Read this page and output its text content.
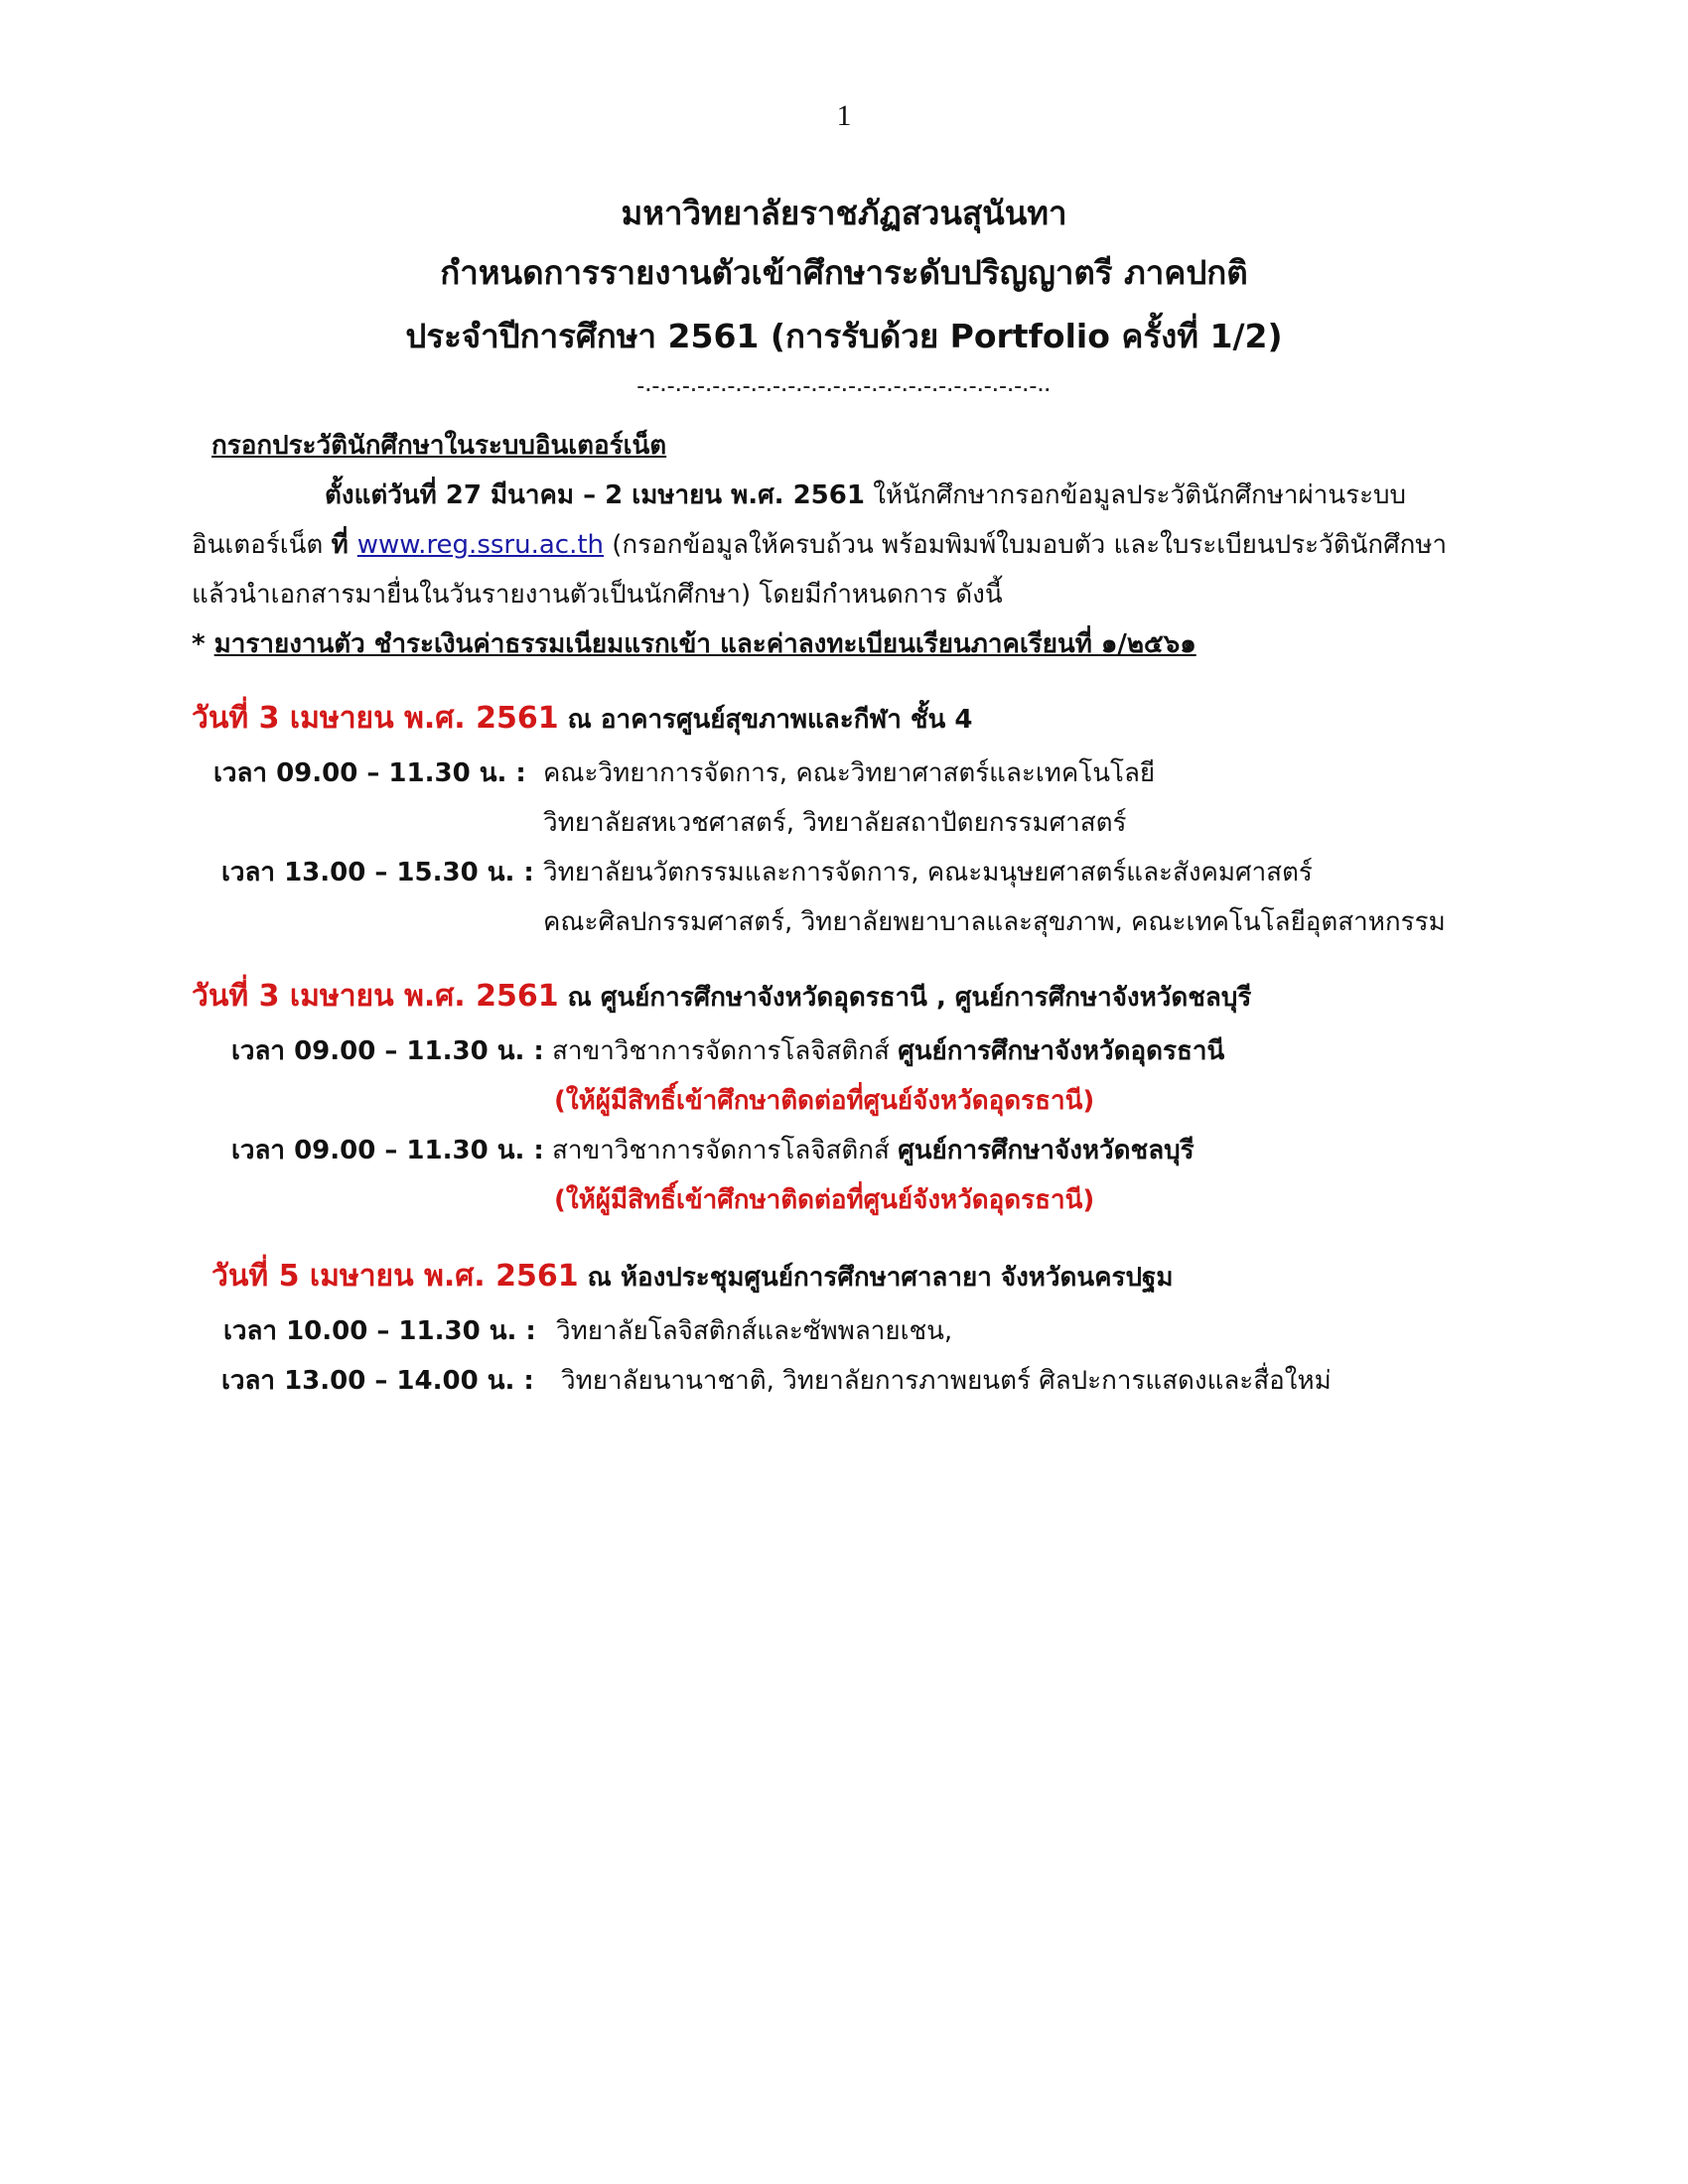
1
มหาวิทยาลัยราชภัฏสวนสุนันทา
กำหนดการรายงานตัวเข้าศึกษาระดับปริญญาตรี ภาคปกติ
ประจำปีการศึกษา 2561 (การรับด้วย Portfolio ครั้งที่ 1/2)
–.–.–.–.–.–.–.–.–.–.–.–.–.–.–.–.–.–.–.–.–.–.–.–.–.–.–..
กรอกประวัตินักศึกษาในระบบอินเตอร์เน็ต
ตั้งแต่วันที่ 27 มีนาคม – 2 เมษายน พ.ศ. 2561 ให้นักศึกษากรอกข้อมูลประวัตินักศึกษาผ่านระบบ
อินเตอร์เน็ต ที่ www.reg.ssru.ac.th (กรอกข้อมูลให้ครบถ้วน พร้อมพิมพ์ใบมอบตัว และใบระเบียนประวัตินักศึกษา
แล้วนำเอกสารมายื่นในวันรายงานตัวเป็นนักศึกษา) โดยมีกำหนดการ ดังนี้
* มารายงานตัว ชำระเงินค่าธรรมเนียมแรกเข้า และค่าลงทะเบียนเรียนภาคเรียนที่ ๑/๒๕๖๑
วันที่ 3 เมษายน พ.ศ. 2561 ณ อาคารศูนย์สุขภาพและกีฬา ชั้น 4
เวลา 09.00 – 11.30 น. : คณะวิทยาการจัดการ, คณะวิทยาศาสตร์และเทคโนโลยี
วิทยาลัยสหเวชศาสตร์, วิทยาลัยสถาปัตยกรรมศาสตร์
เวลา 13.00 – 15.30 น. : วิทยาลัยนวัตกรรมและการจัดการ, คณะมนุษยศาสตร์และสังคมศาสตร์
คณะศิลปกรรมศาสตร์, วิทยาลัยพยาบาลและสุขภาพ, คณะเทคโนโลยีอุตสาหกรรม
วันที่ 3 เมษายน พ.ศ. 2561 ณ ศูนย์การศึกษาจังหวัดอุดรธานี , ศูนย์การศึกษาจังหวัดชลบุรี
เวลา 09.00 – 11.30 น. : สาขาวิชาการจัดการโลจิสติกส์ ศูนย์การศึกษาจังหวัดอุดรธานี
(ให้ผู้มีสิทธิ์เข้าศึกษาติดต่อที่ศูนย์จังหวัดอุดรธานี)
เวลา 09.00 – 11.30 น. : สาขาวิชาการจัดการโลจิสติกส์ ศูนย์การศึกษาจังหวัดชลบุรี
(ให้ผู้มีสิทธิ์เข้าศึกษาติดต่อที่ศูนย์จังหวัดอุดรธานี)
วันที่ 5 เมษายน พ.ศ. 2561 ณ ห้องประชุมศูนย์การศึกษาศาลายา จังหวัดนครปฐม
เวลา 10.00 – 11.30 น. : วิทยาลัยโลจิสติกส์และซัพพลายเชน,
เวลา 13.00 – 14.00 น. : วิทยาลัยนานาชาติ, วิทยาลัยการภาพยนตร์ ศิลปะการแสดงและสื่อใหม่
